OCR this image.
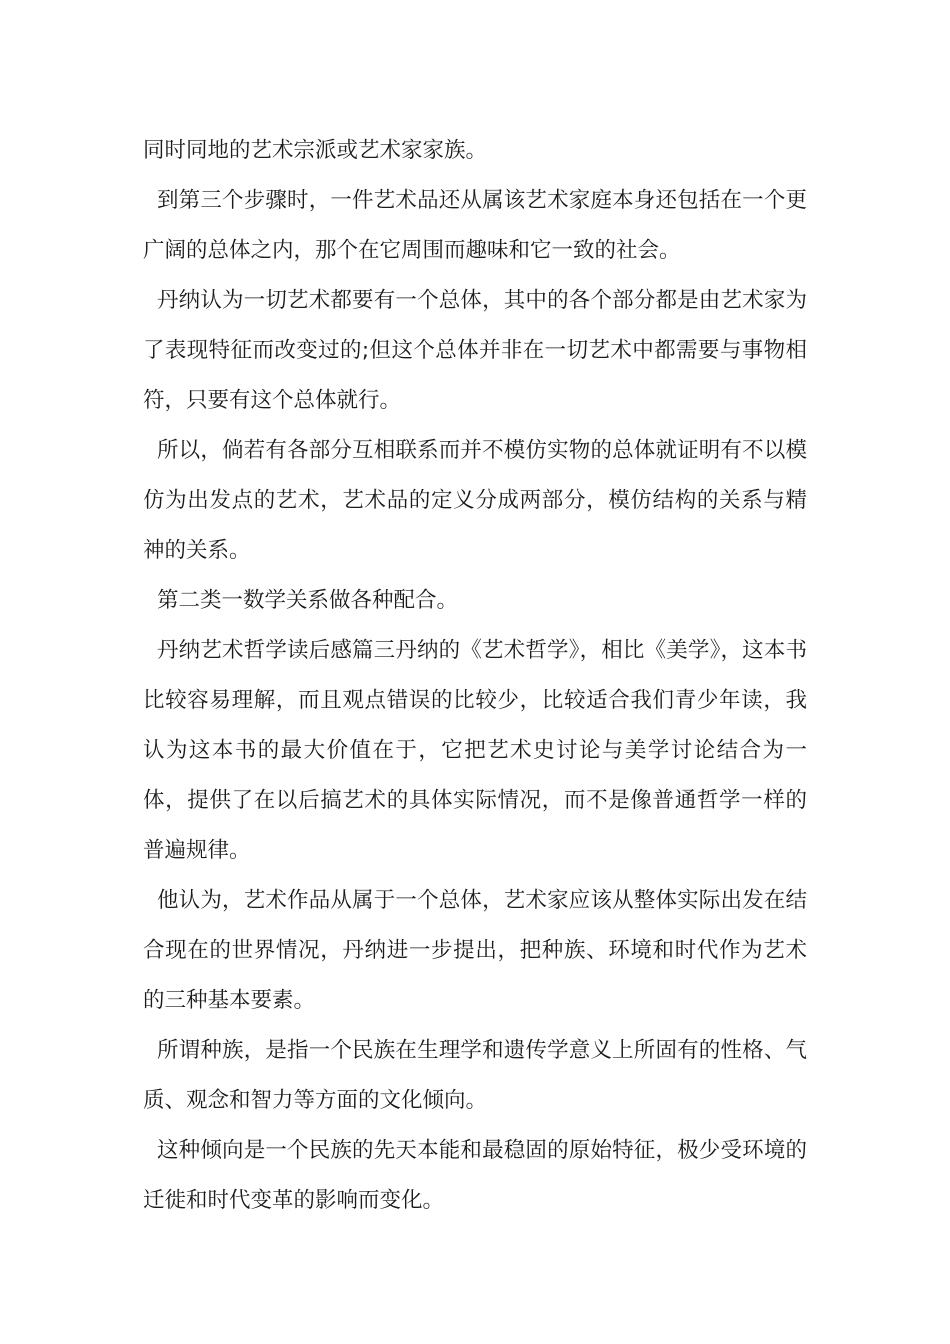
同时同地的艺术宗派或艺术家家族。

到第三个步骤时，一件艺术品还从属该艺术家庭本身还包括在一个更广阔的总体之内，那个在它周围而趣味和它一致的社会。

丹纳认为一切艺术都要有一个总体，其中的各个部分都是由艺术家为了表现特征而改变过的;但这个总体并非在一切艺术中都需要与事物相符，只要有这个总体就行。

所以，倘若有各部分互相联系而并不模仿实物的总体就证明有不以模仿为出发点的艺术，艺术品的定义分成两部分，模仿结构的关系与精神的关系。

第二类一数学关系做各种配合。

丹纳艺术哲学读后感篇三丹纳的《艺术哲学》，相比《美学》，这本书比较容易理解，而且观点错误的比较少，比较适合我们青少年读，我认为这本书的最大价值在于，它把艺术史讨论与美学讨论结合为一体，提供了在以后搞艺术的具体实际情况，而不是像普通哲学一样的普遍规律。

他认为，艺术作品从属于一个总体，艺术家应该从整体实际出发在结合现在的世界情况，丹纳进一步提出，把种族、环境和时代作为艺术的三种基本要素。

所谓种族，是指一个民族在生理学和遗传学意义上所固有的性格、气质、观念和智力等方面的文化倾向。

这种倾向是一个民族的先天本能和最稳固的原始特征，极少受环境的迁徙和时代变革的影响而变化。
